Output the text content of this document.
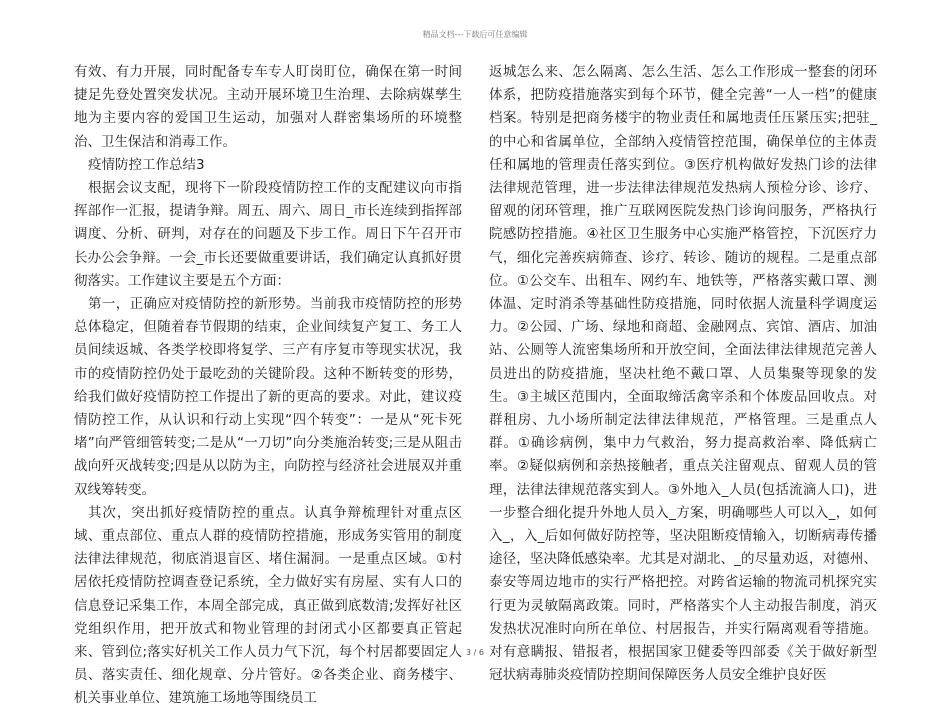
精品文档---下载后可任意编辑

有效、有力开展，同时配备专车专人盯岗盯位，确保在第一时间捷足先登处置突发状况。主动开展环境卫生治理、去除病媒孳生地为主要内容的爱国卫生运动，加强对人群密集场所的环境整治、卫生保洁和消毒工作。

疫情防控工作总结3

根据会议支配，现将下一阶段疫情防控工作的支配建议向市指挥部作一汇报，提请争辩。周五、周六、周日_市长连续到指挥部调度、分析、研判，对存在的问题及下步工作。周日下午召开市长办公会争辩。一会_市长还要做重要讲话，我们确定认真抓好贯彻落实。工作建议主要是五个方面：

第一，正确应对疫情防控的新形势。当前我市疫情防控的形势总体稳定，但随着春节假期的结束，企业间续复产复工、务工人员间续返城、各类学校即将复学、三产有序复市等现实状况，我市的疫情防控仍处于最吃劲的关键阶段。这种不断转变的形势，给我们做好疫情防控工作提出了新的更高的要求。对此，建议疫情防控工作，从认识和行动上实现“四个转变”：一是从“死卡死堵”向严管细管转变;二是从“一刀切”向分类施治转变;三是从阻击战向歼灭战转变;四是从以防为主，向防控与经济社会进展双并重双线筹转变。

其次，突出抓好疫情防控的重点。认真争辩梳理针对重点区域、重点部位、重点人群的疫情防控措施，形成务实管用的制度法律法律规范，彻底消退盲区、堵住漏洞。一是重点区域。①村居依托疫情防控调查登记系统，全力做好实有房屋、实有人口的信息登记采集工作，本周全部完成，真正做到底数清;发挥好社区党组织作用，把开放式和物业管理的封闭式小区都要真正管起来、管到位;落实好机关工作人员力气下沉，每个村居都要固定人员、落实责任、细化规章、分片管好。②各类企业、商务楼宇、机关事业单位、建筑施工场地等围绕员工

返城怎么来、怎么隔离、怎么生活、怎么工作形成一整套的闭环体系，把防疫措施落实到每个环节，健全完善“一人一档”的健康档案。特别是把商务楼宇的物业责任和属地责任压紧压实;把驻_的中心和省属单位，全部纳入疫情管控范围，确保单位的主体责任和属地的管理责任落实到位。③医疗机构做好发热门诊的法律法律规范管理，进一步法律法律规范发热病人预检分诊、诊疗、留观的闭环管理，推广互联网医院发热门诊询问服务，严格执行院感防控措施。④社区卫生服务中心实施严格管控，下沉医疗力气，细化完善疾病筛查、诊疗、转诊、随访的规程。二是重点部位。①公交车、出租车、网约车、地铁等，严格落实戴口罩、测体温、定时消杀等基础性防疫措施，同时依据人流量科学调度运力。②公园、广场、绿地和商超、金融网点、宾馆、酒店、加油站、公厕等人流密集场所和开放空间，全面法律法律规范完善人员进出的防疫措施，坚决杜绝不戴口罩、人员集聚等现象的发生。③主城区范围内，全面取缔活禽宰杀和个体废品回收点。对群租房、九小场所制定法律法律规范，严格管理。三是重点人群。①确诊病例，集中力气救治，努力提高救治率、降低病亡率。②疑似病例和亲热接触者，重点关注留观点、留观人员的管理，法律法律规范落实到人。③外地入_人员(包括流滴人口)，进一步整合细化提升外地人员入_方案，明确哪些人可以入_，如何入_，入_后如何做好防控等，坚决阻断疫情输入，切断病毒传播途径，坚决降低感染率。尤其是对湖北、_的尽量劝返，对德州、泰安等周边地市的实行严格把控。对跨省运输的物流司机探究实行更为灵敏隔离政策。同时，严格落实个人主动报告制度，消灭发热状况准时向所在单位、村居报告，并实行隔离观看等措施。对有意瞒报、错报者，根据国家卫健委等四部委《关于做好新型冠状病毒肺炎疫情防控期间保障医务人员安全维护良好医

3 / 6
